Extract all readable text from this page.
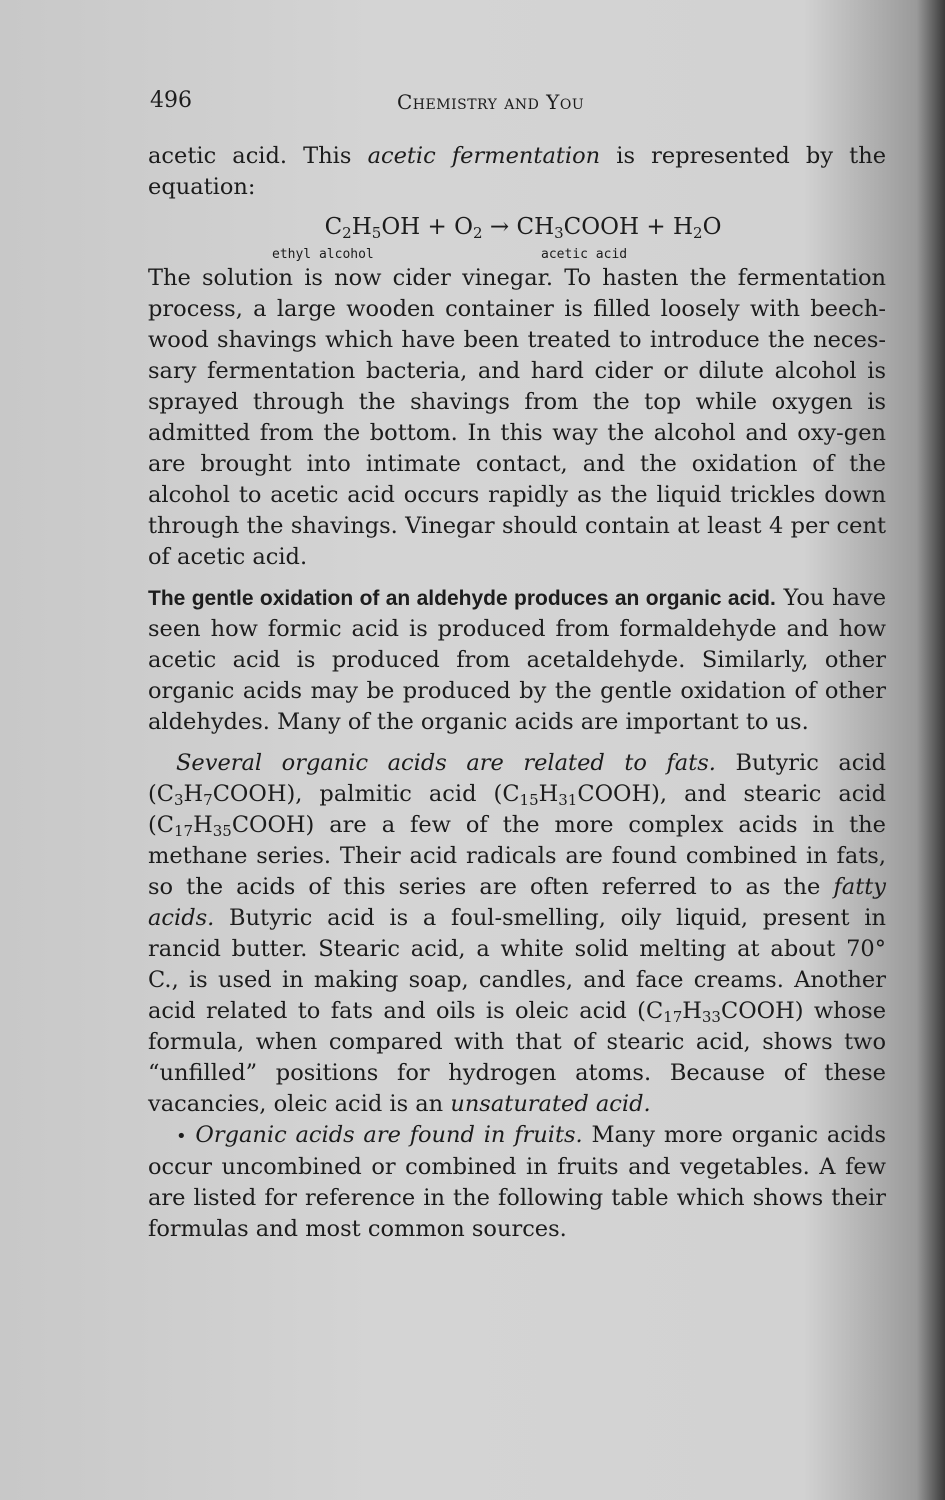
496	Chemistry and You

acetic acid. This acetic fermentation is represented by the equation:

$C_2H_5OH + O_2$ → $CH_3COOH + H_2O$
ethyl alcohol	acetic acid

The solution is now cider vinegar. To hasten the fermentation process, a large wooden container is filled loosely with beech-wood shavings which have been treated to introduce the neces-sary fermentation bacteria, and hard cider or dilute alcohol is sprayed through the shavings from the top while oxygen is admitted from the bottom. In this way the alcohol and oxy-gen are brought into intimate contact, and the oxidation of the alcohol to acetic acid occurs rapidly as the liquid trickles down through the shavings. Vinegar should contain at least 4 per cent of acetic acid.

The gentle oxidation of an aldehyde produces an organic acid. You have seen how formic acid is produced from formaldehyde and how acetic acid is produced from acetaldehyde. Similarly, other organic acids may be produced by the gentle oxidation of other aldehydes. Many of the organic acids are important to us.

Several organic acids are related to fats. Butyric acid $(C_3H_7COOH)$, palmitic acid $(C_{15}H_{31}COOH)$, and stearic acid $(C_{17}H_{35}COOH)$ are a few of the more complex acids in the methane series. Their acid radicals are found combined in fats, so the acids of this series are often referred to as the fatty acids. Butyric acid is a foul-smelling, oily liquid, present in rancid butter. Stearic acid, a white solid melting at about 70° C., is used in making soap, candles, and face creams. Another acid related to fats and oils is oleic acid $(C_{17}H_{33}COOH)$ whose formula, when compared with that of stearic acid, shows two “unfilled” positions for hydrogen atoms. Because of these vacancies, oleic acid is an unsaturated acid.

• Organic acids are found in fruits. Many more organic acids occur uncombined or combined in fruits and vegetables. A few are listed for reference in the following table which shows their formulas and most common sources.
